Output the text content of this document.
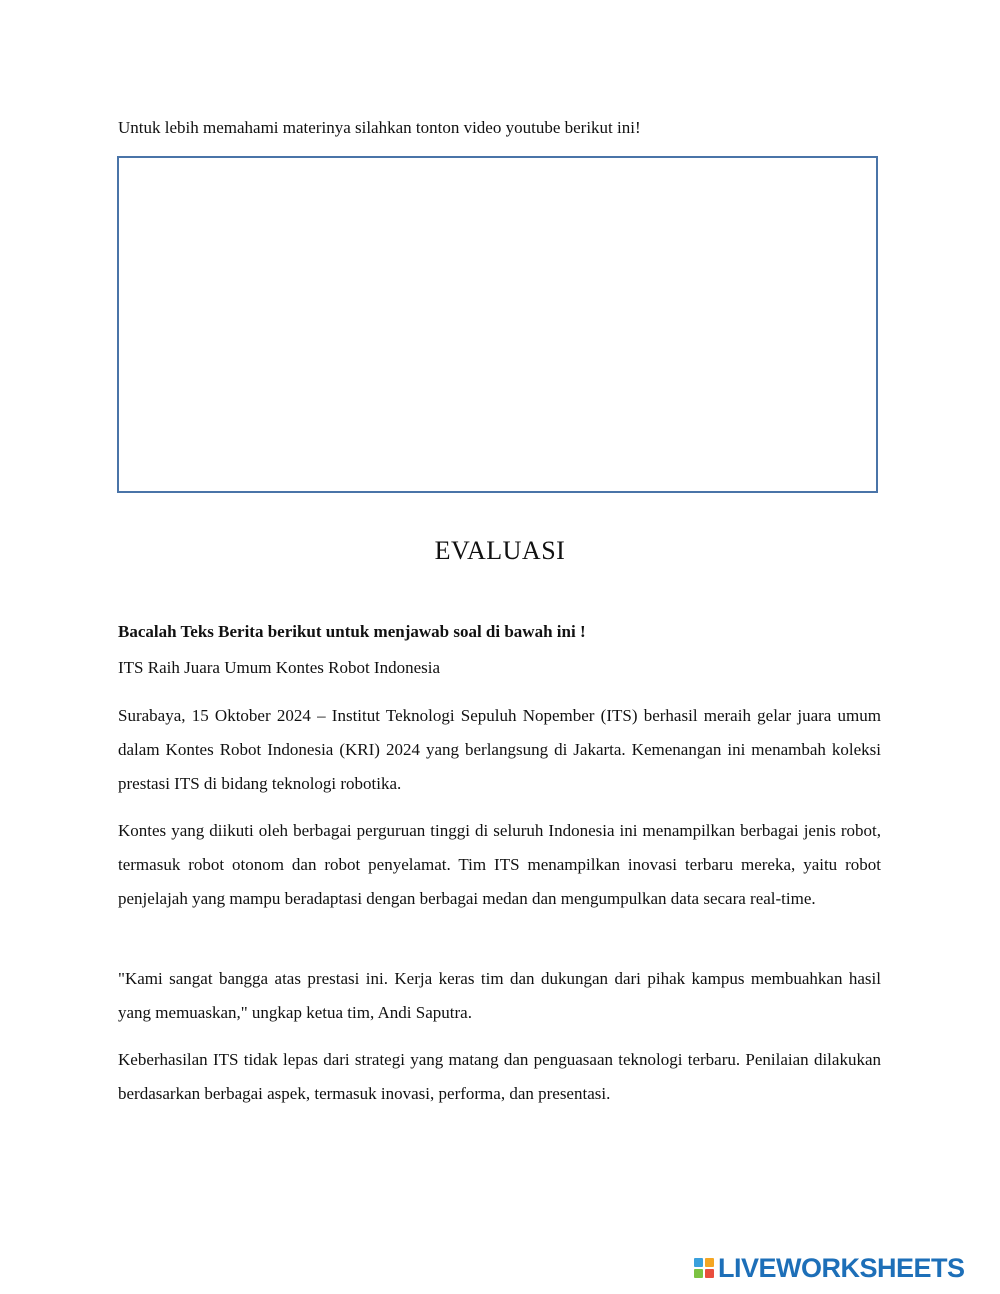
Untuk lebih memahami materinya silahkan tonton video youtube berikut ini!
EVALUASI
Bacalah Teks Berita berikut untuk menjawab soal di bawah ini !
ITS Raih Juara Umum Kontes Robot Indonesia

Surabaya, 15 Oktober 2024 – Institut Teknologi Sepuluh Nopember (ITS) berhasil meraih gelar juara umum dalam Kontes Robot Indonesia (KRI) 2024 yang berlangsung di Jakarta. Kemenangan ini menambah koleksi prestasi ITS di bidang teknologi robotika.

Kontes yang diikuti oleh berbagai perguruan tinggi di seluruh Indonesia ini menampilkan berbagai jenis robot, termasuk robot otonom dan robot penyelamat. Tim ITS menampilkan inovasi terbaru mereka, yaitu robot penjelajah yang mampu beradaptasi dengan berbagai medan dan mengumpulkan data secara real-time.

"Kami sangat bangga atas prestasi ini. Kerja keras tim dan dukungan dari pihak kampus membuahkan hasil yang memuaskan," ungkap ketua tim, Andi Saputra.

Keberhasilan ITS tidak lepas dari strategi yang matang dan penguasaan teknologi terbaru. Penilaian dilakukan berdasarkan berbagai aspek, termasuk inovasi, performa, dan presentasi.

LIVEWORKSHEETS
